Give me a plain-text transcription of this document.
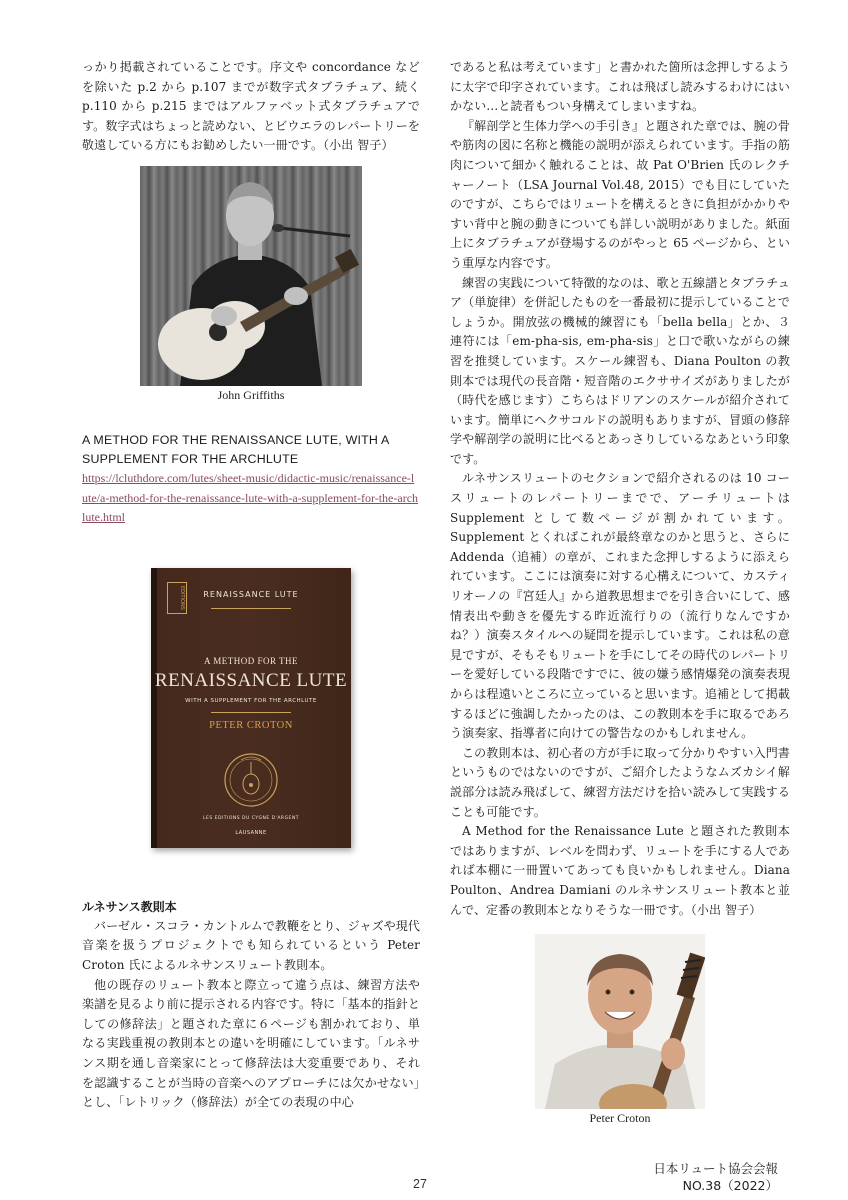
っかり掲載されていることです。序文や concordance などを除いた p.2 から p.107 までが数字式タブラチュア、続く p.110 から p.215 まではアルファベット式タブラチュアです。数字式はちょっと読めない、とビウエラのレパートリーを敬遠している方にもお勧めしたい一冊です。（小出 智子）

John Griffiths

A METHOD FOR THE RENAISSANCE LUTE, WITH A SUPPLEMENT FOR THE ARCHLUTE

https://lcluthdore.com/lutes/sheet-music/didactic-music/renaissance-lute/a-method-for-the-renaissance-lute-with-a-supplement-for-the-archlute.html
EDITIONS	RENAISSANCE LUTE
A METHOD FOR THE
RENAISSANCE LUTE
WITH A SUPPLEMENT FOR THE ARCHLUTE
PETER CROTON
LES EDITIONS DU CYGNE D'ARGENT
LAUSANNE

ルネサンス教則本

バーゼル・スコラ・カントルムで教鞭をとり、ジャズや現代音楽を扱うプロジェクトでも知られているという Peter Croton 氏によるルネサンスリュート教則本。

他の既存のリュート教本と際立って違う点は、練習方法や楽譜を見るより前に提示される内容です。特に「基本的指針としての修辞法」と題された章に６ページも割かれており、単なる実践重視の教則本との違いを明確にしています。「ルネサンス期を通し音楽家にとって修辞法は大変重要であり、それを認識することが当時の音楽へのアプローチには欠かせない」とし、「レトリック（修辞法）が全ての表現の中心

であると私は考えています」と書かれた箇所は念押しするように太字で印字されています。これは飛ばし読みするわけにはいかない…と読者もつい身構えてしまいますね。

『解剖学と生体力学への手引き』と題された章では、腕の骨や筋肉の図に名称と機能の説明が添えられています。手指の筋肉について細かく触れることは、故 Pat O'Brien 氏のレクチャーノート（LSA Journal Vol.48, 2015）でも目にしていたのですが、こちらではリュートを構えるときに負担がかかりやすい背中と腕の動きについても詳しい説明がありました。紙面上にタブラチュアが登場するのがやっと 65 ページから、という重厚な内容です。

練習の実践について特徴的なのは、歌と五線譜とタブラチュア（単旋律）を併記したものを一番最初に提示していることでしょうか。開放弦の機械的練習にも「bella bella」とか、３連符には「em-pha-sis, em-pha-sis」と口で歌いながらの練習を推奨しています。スケール練習も、Diana Poulton の教則本では現代の長音階・短音階のエクササイズがありましたが（時代を感じます）こちらはドリアンのスケールが紹介されています。簡単にヘクサコルドの説明もありますが、冒頭の修辞学や解剖学の説明に比べるとあっさりしているなあという印象です。

ルネサンスリュートのセクションで紹介されるのは 10 コースリュートのレパートリーまでで、アーチリュートは Supplement として数ページが割かれています。Supplement とくればこれが最終章なのかと思うと、さらに Addenda（追補）の章が、これまた念押しするように添えられています。ここには演奏に対する心構えについて、カスティリオーノの『宮廷人』から道教思想までを引き合いにして、感情表出や動きを優先する昨近流行りの（流行りなんですかね？）演奏スタイルへの疑問を提示しています。これは私の意見ですが、そもそもリュートを手にしてその時代のレパートリーを愛好している段階ですでに、彼の嫌う感情爆発の演奏表現からは程遠いところに立っていると思います。追補として掲載するほどに強調したかったのは、この教則本を手に取るであろう演奏家、指導者に向けての警告なのかもしれません。

この教則本は、初心者の方が手に取って分かりやすい入門書というものではないのですが、ご紹介したようなムズカシイ解説部分は読み飛ばして、練習方法だけを拾い読みして実践することも可能です。

A Method for the Renaissance Lute と題された教則本ではありますが、レベルを問わず、リュートを手にする人であれば本棚に一冊置いてあっても良いかもしれません。Diana Poulton、Andrea Damiani のルネサンスリュート教本と並んで、定番の教則本となりそうな一冊です。（小出 智子）

Peter Croton
27
日本リュート協会会報
NO.38（2022）
